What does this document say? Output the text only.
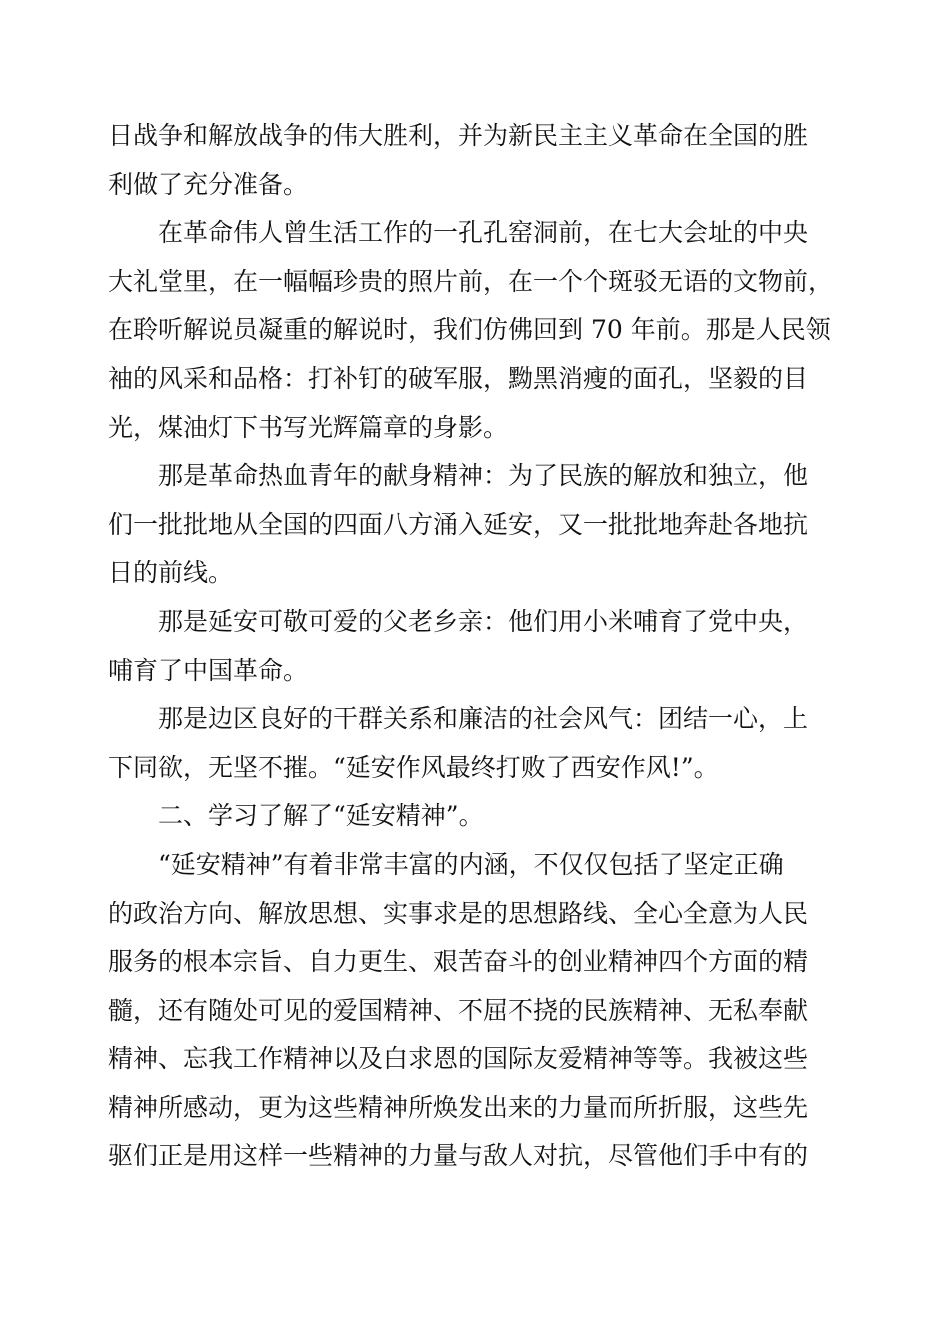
日战争和解放战争的伟大胜利，并为新民主主义革命在全国的胜
利做了充分准备。
在革命伟人曾生活工作的一孔孔窑洞前，在七大会址的中央
大礼堂里，在一幅幅珍贵的照片前，在一个个斑驳无语的文物前，
在聆听解说员凝重的解说时，我们仿佛回到 70 年前。那是人民领
袖的风采和品格：打补钉的破军服，黝黑消瘦的面孔，坚毅的目
光，煤油灯下书写光辉篇章的身影。
那是革命热血青年的献身精神：为了民族的解放和独立，他
们一批批地从全国的四面八方涌入延安，又一批批地奔赴各地抗
日的前线。
那是延安可敬可爱的父老乡亲：他们用小米哺育了党中央，
哺育了中国革命。
那是边区良好的干群关系和廉洁的社会风气：团结一心，上
下同欲，无坚不摧。“延安作风最终打败了西安作风!”。
二、学习了解了“延安精神”。
“延安精神”有着非常丰富的内涵，不仅仅包括了坚定正确
的政治方向、解放思想、实事求是的思想路线、全心全意为人民
服务的根本宗旨、自力更生、艰苦奋斗的创业精神四个方面的精
髓，还有随处可见的爱国精神、不屈不挠的民族精神、无私奉献
精神、忘我工作精神以及白求恩的国际友爱精神等等。我被这些
精神所感动，更为这些精神所焕发出来的力量而所折服，这些先
驱们正是用这样一些精神的力量与敌人对抗，尽管他们手中有的
